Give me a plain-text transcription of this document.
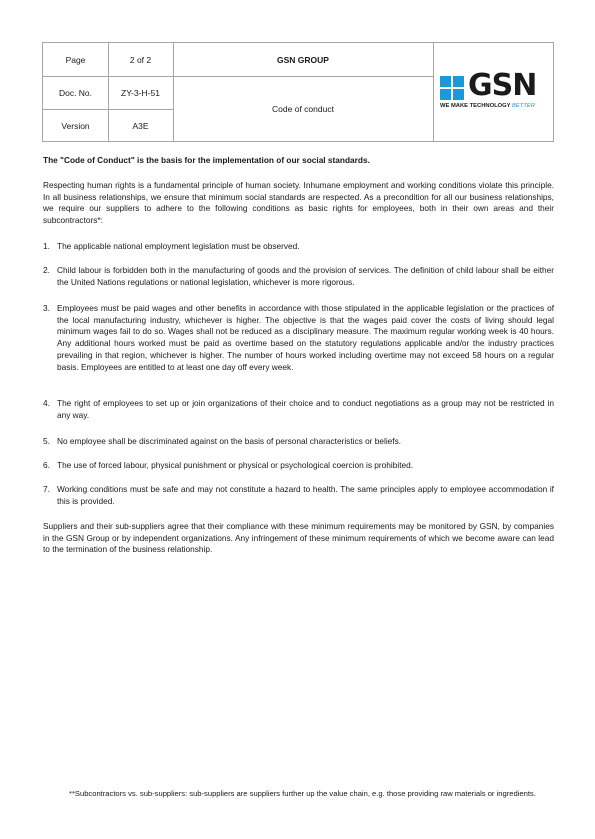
Page	2 of 2
Doc. No.	ZY-3-H-51
Version	A3E
GSN GROUP
Code of conduct
GSN
WE MAKE TECHNOLOGY BETTER
The "Code of Conduct" is the basis for the implementation of our social standards.
Respecting human rights is a fundamental principle of human society. Inhumane employment and working conditions violate this principle. In all business relationships, we ensure that minimum social standards are respected. As a precondition for all our business relationships, we require our suppliers to adhere to the following conditions as basic rights for employees, both in their own areas and their subcontractors*:
1. The applicable national employment legislation must be observed.
2. Child labour is forbidden both in the manufacturing of goods and the provision of services. The definition of child labour shall be either the United Nations regulations or national legislation, whichever is more rigorous.
3. Employees must be paid wages and other benefits in accordance with those stipulated in the applicable legislation or the practices of the local manufacturing industry, whichever is higher. The objective is that the wages paid cover the costs of living should legal minimum wages fail to do so. Wages shall not be reduced as a disciplinary measure. The maximum regular working week is 40 hours. Any additional hours worked must be paid as overtime based on the statutory regulations applicable and/or the industry practices prevailing in that region, whichever is higher. The number of hours worked including overtime may not exceed 58 hours on a regular basis. Employees are entitled to at least one day off every week.
4. The right of employees to set up or join organizations of their choice and to conduct negotiations as a group may not be restricted in any way.
5. No employee shall be discriminated against on the basis of personal characteristics or beliefs.
6. The use of forced labour, physical punishment or physical or psychological coercion is prohibited.
7. Working conditions must be safe and may not constitute a hazard to health. The same principles apply to employee accommodation if this is provided.
Suppliers and their sub-suppliers agree that their compliance with these minimum requirements may be monitored by GSN, by companies in the GSN Group or by independent organizations. Any infringement of these minimum requirements of which we become aware can lead to the termination of the business relationship.
**Subcontractors vs. sub-suppliers: sub-suppliers are suppliers further up the value chain, e.g. those providing raw materials or ingredients.
